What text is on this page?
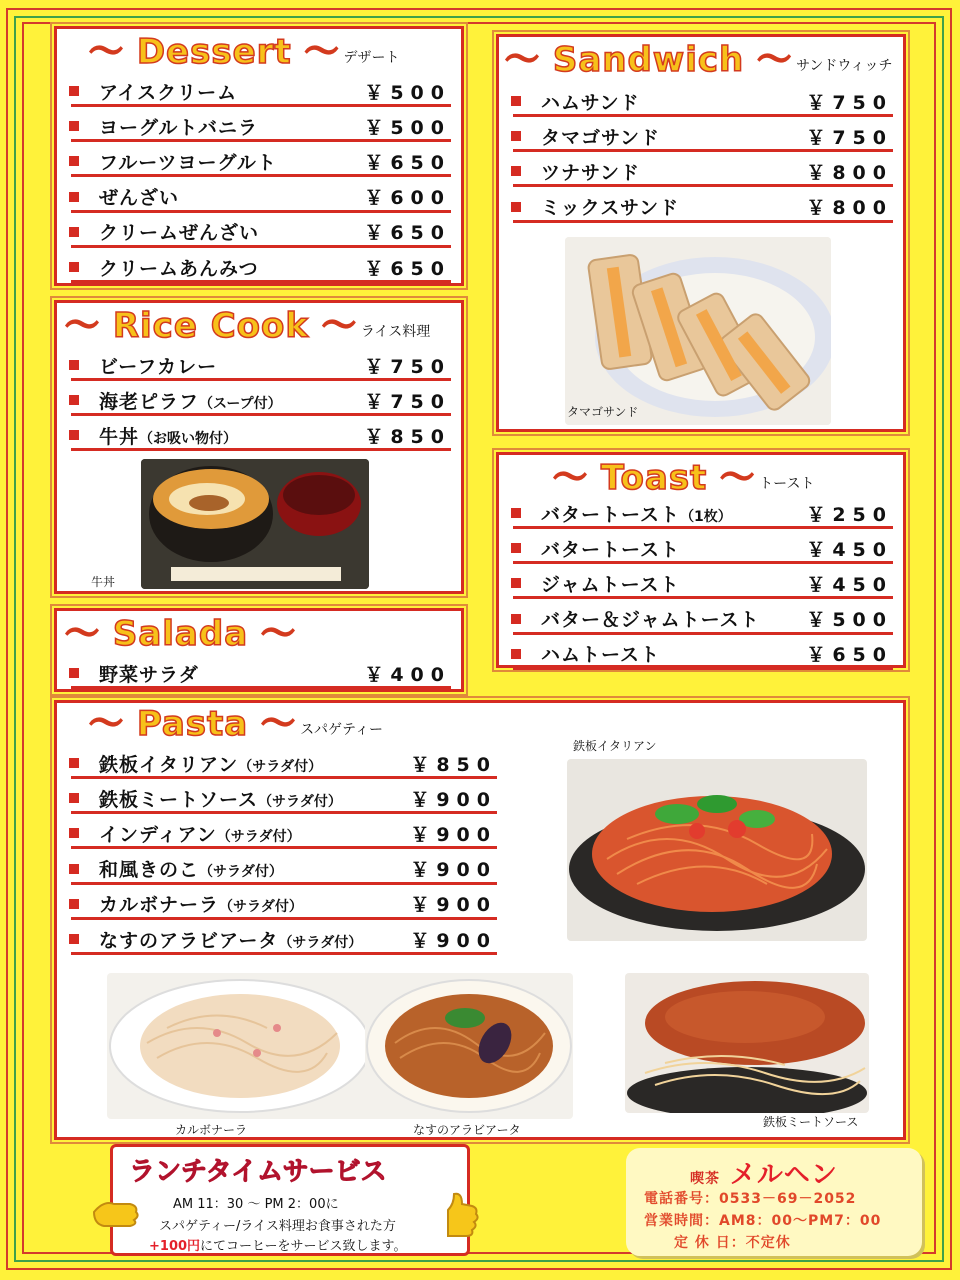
～ Dessert ～ デザート
アイスクリーム	￥500
ヨーグルトバニラ	￥500
フルーツヨーグルト	￥650
ぜんざい	￥600
クリームぜんざい	￥650
クリームあんみつ	￥650
～ Rice Cook ～ ライス料理
ビーフカレー	￥750
海老ピラフ（スープ付）	￥750
牛丼（お吸い物付）	￥850
牛丼
～ Salada ～
野菜サラダ	￥400
～ Sandwich ～ サンドウィッチ
ハムサンド	￥750
タマゴサンド	￥750
ツナサンド	￥800
ミックスサンド	￥800
タマゴサンド
～ Toast ～ トースト
バタートースト（1枚）	￥250
バタートースト	￥450
ジャムトースト	￥450
バター＆ジャムトースト	￥500
ハムトースト	￥650
～ Pasta ～ スパゲティー
鉄板イタリアン（サラダ付）	￥850
鉄板ミートソース（サラダ付）	￥900
インディアン（サラダ付）	￥900
和風きのこ（サラダ付）	￥900
カルボナーラ（サラダ付）	￥900
なすのアラビアータ（サラダ付）	￥900
鉄板イタリアン
カルボナーラ	なすのアラビアータ
鉄板ミートソース
ランチタイムサービス
AM 11：30 ～ PM 2：00に
スパゲティー/ライス料理お食事された方
+100円にてコーヒーをサービス致します。
喫茶 メルヘン
電話番号：0533－69－2052
営業時間：AM8：00～PM7：00
定 休 日：不定休
